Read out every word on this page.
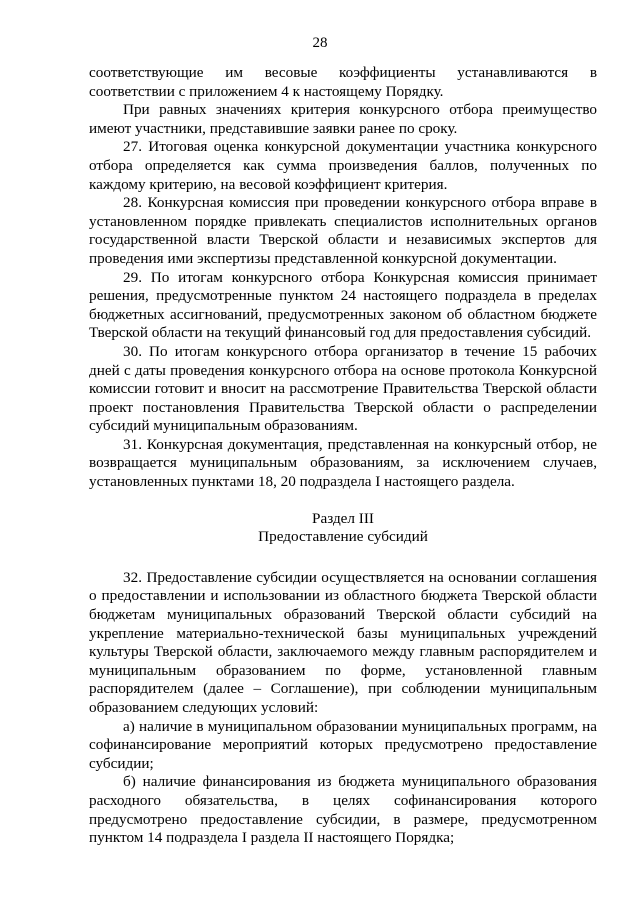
28

соответствующие им весовые коэффициенты устанавливаются в соответствии с приложением 4 к настоящему Порядку.

При равных значениях критерия конкурсного отбора преимущество имеют участники, представившие заявки ранее по сроку.

27. Итоговая оценка конкурсной документации участника конкурсного отбора определяется как сумма произведения баллов, полученных по каждому критерию, на весовой коэффициент критерия.

28. Конкурсная комиссия при проведении конкурсного отбора вправе в установленном порядке привлекать специалистов исполнительных органов государственной власти Тверской области и независимых экспертов для проведения ими экспертизы представленной конкурсной документации.

29. По итогам конкурсного отбора Конкурсная комиссия принимает решения, предусмотренные пунктом 24 настоящего подраздела в пределах бюджетных ассигнований, предусмотренных законом об областном бюджете Тверской области на текущий финансовый год для предоставления субсидий.

30. По итогам конкурсного отбора организатор в течение 15 рабочих дней с даты проведения конкурсного отбора на основе протокола Конкурсной комиссии готовит и вносит на рассмотрение Правительства Тверской области проект постановления Правительства Тверской области о распределении субсидий муниципальным образованиям.

31. Конкурсная документация, представленная на конкурсный отбор, не возвращается муниципальным образованиям, за исключением случаев, установленных пунктами 18, 20 подраздела I настоящего раздела.

Раздел III
Предоставление субсидий

32. Предоставление субсидии осуществляется на основании соглашения о предоставлении и использовании из областного бюджета Тверской области бюджетам муниципальных образований Тверской области субсидий на укрепление материально-технической базы муниципальных учреждений культуры Тверской области, заключаемого между главным распорядителем и муниципальным образованием по форме, установленной главным распорядителем (далее – Соглашение), при соблюдении муниципальным образованием следующих условий:

а) наличие в муниципальном образовании муниципальных программ, на софинансирование мероприятий которых предусмотрено предоставление субсидии;

б) наличие финансирования из бюджета муниципального образования расходного обязательства, в целях софинансирования которого предусмотрено предоставление субсидии, в размере, предусмотренном пунктом 14 подраздела I раздела II настоящего Порядка;
